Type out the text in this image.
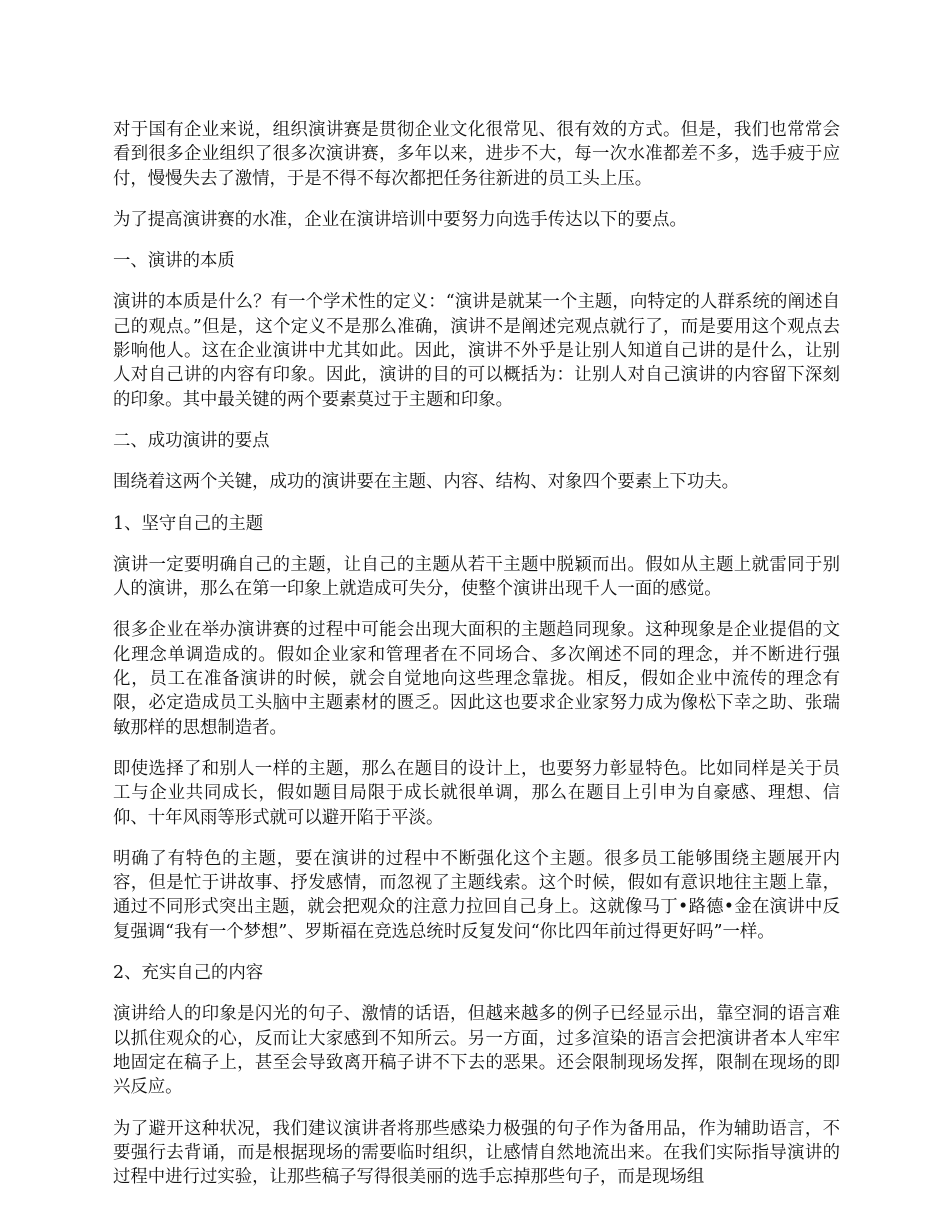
对于国有企业来说，组织演讲赛是贯彻企业文化很常见、很有效的方式。但是，我们也常常会看到很多企业组织了很多次演讲赛，多年以来，进步不大，每一次水准都差不多，选手疲于应付，慢慢失去了激情，于是不得不每次都把任务往新进的员工头上压。

为了提高演讲赛的水准，企业在演讲培训中要努力向选手传达以下的要点。

一、演讲的本质

演讲的本质是什么？有一个学术性的定义：“演讲是就某一个主题，向特定的人群系统的阐述自己的观点。”但是，这个定义不是那么准确，演讲不是阐述完观点就行了，而是要用这个观点去影响他人。这在企业演讲中尤其如此。因此，演讲不外乎是让别人知道自己讲的是什么，让别人对自己讲的内容有印象。因此，演讲的目的可以概括为：让别人对自己演讲的内容留下深刻的印象。其中最关键的两个要素莫过于主题和印象。

二、成功演讲的要点

围绕着这两个关键，成功的演讲要在主题、内容、结构、对象四个要素上下功夫。

1、坚守自己的主题

演讲一定要明确自己的主题，让自己的主题从若干主题中脱颖而出。假如从主题上就雷同于别人的演讲，那么在第一印象上就造成可失分，使整个演讲出现千人一面的感觉。

很多企业在举办演讲赛的过程中可能会出现大面积的主题趋同现象。这种现象是企业提倡的文化理念单调造成的。假如企业家和管理者在不同场合、多次阐述不同的理念，并不断进行强化，员工在准备演讲的时候，就会自觉地向这些理念靠拢。相反，假如企业中流传的理念有限，必定造成员工头脑中主题素材的匮乏。因此这也要求企业家努力成为像松下幸之助、张瑞敏那样的思想制造者。

即使选择了和别人一样的主题，那么在题目的设计上，也要努力彰显特色。比如同样是关于员工与企业共同成长，假如题目局限于成长就很单调，那么在题目上引申为自豪感、理想、信仰、十年风雨等形式就可以避开陷于平淡。

明确了有特色的主题，要在演讲的过程中不断强化这个主题。很多员工能够围绕主题展开内容，但是忙于讲故事、抒发感情，而忽视了主题线索。这个时候，假如有意识地往主题上靠，通过不同形式突出主题，就会把观众的注意力拉回自己身上。这就像马丁•路德•金在演讲中反复强调“我有一个梦想”、罗斯福在竞选总统时反复发问“你比四年前过得更好吗”一样。

2、充实自己的内容

演讲给人的印象是闪光的句子、激情的话语，但越来越多的例子已经显示出，靠空洞的语言难以抓住观众的心，反而让大家感到不知所云。另一方面，过多渲染的语言会把演讲者本人牢牢地固定在稿子上，甚至会导致离开稿子讲不下去的恶果。还会限制现场发挥，限制在现场的即兴反应。

为了避开这种状况，我们建议演讲者将那些感染力极强的句子作为备用品，作为辅助语言，不要强行去背诵，而是根据现场的需要临时组织，让感情自然地流出来。在我们实际指导演讲的过程中进行过实验，让那些稿子写得很美丽的选手忘掉那些句子，而是现场组
